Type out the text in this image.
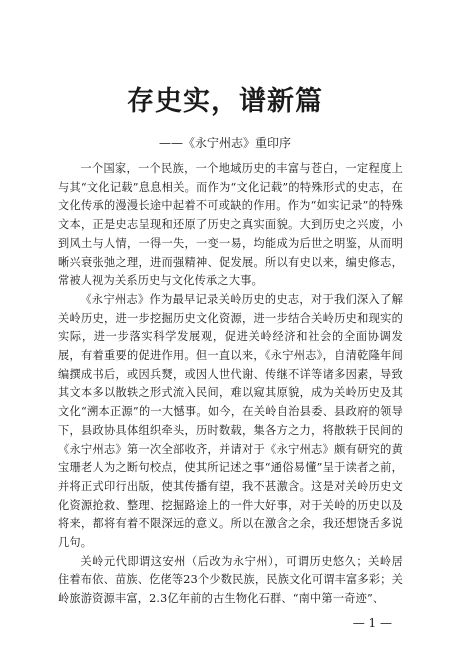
存史实，谱新篇
——《永宁州志》重印序

一个国家，一个民族，一个地域历史的丰富与苍白，一定程度上与其“文化记载”息息相关。而作为“文化记载”的特殊形式的史志，在文化传承的漫漫长途中起着不可或缺的作用。作为“如实记录”的特殊文本，正是史志呈现和还原了历史之真实面貌。大到历史之兴废，小到风土与人情，一得一失，一变一易，均能成为后世之明鉴，从而明晰兴衰张弛之理，进而强精神、促发展。所以有史以来，编史修志，常被人视为关系历史与文化传承之大事。

《永宁州志》作为最早记录关岭历史的史志，对于我们深入了解关岭历史，进一步挖掘历史文化资源，进一步结合关岭历史和现实的实际，进一步落实科学发展观，促进关岭经济和社会的全面协调发展，有着重要的促进作用。但一直以来，《永宁州志》，自清乾隆年间编撰成书后，或因兵燹，或因人世代谢、传继不详等诸多因素，导致其文本多以散轶之形式流入民间，难以窥其原貌，成为关岭历史及其文化“溯本正源”的一大憾事。如今，在关岭自治县委、县政府的领导下，县政协具体组织牵头，历时数载，集各方之力，将散轶于民间的《永宁州志》第一次全部收齐，并请对于《永宁州志》颇有研究的黄宝珊老人为之断句校点，使其所记述之事“通俗易懂”呈于读者之前，并将正式印行出版，使其传播有望，我不甚激含。这是对关岭历史文化资源抢救、整理、挖掘路途上的一件大好事，对于关岭的历史以及将来，都将有着不限深远的意义。所以在激含之余，我还想饶舌多说几句。

关岭元代即谓这安州（后改为永宁州），可谓历史悠久；关岭居住着布依、苗族、仡佬等23个少数民族，民族文化可谓丰富多彩；关岭旅游资源丰富，2.3亿年前的古生物化石群、“南中第一奇迹”、

— 1 —
